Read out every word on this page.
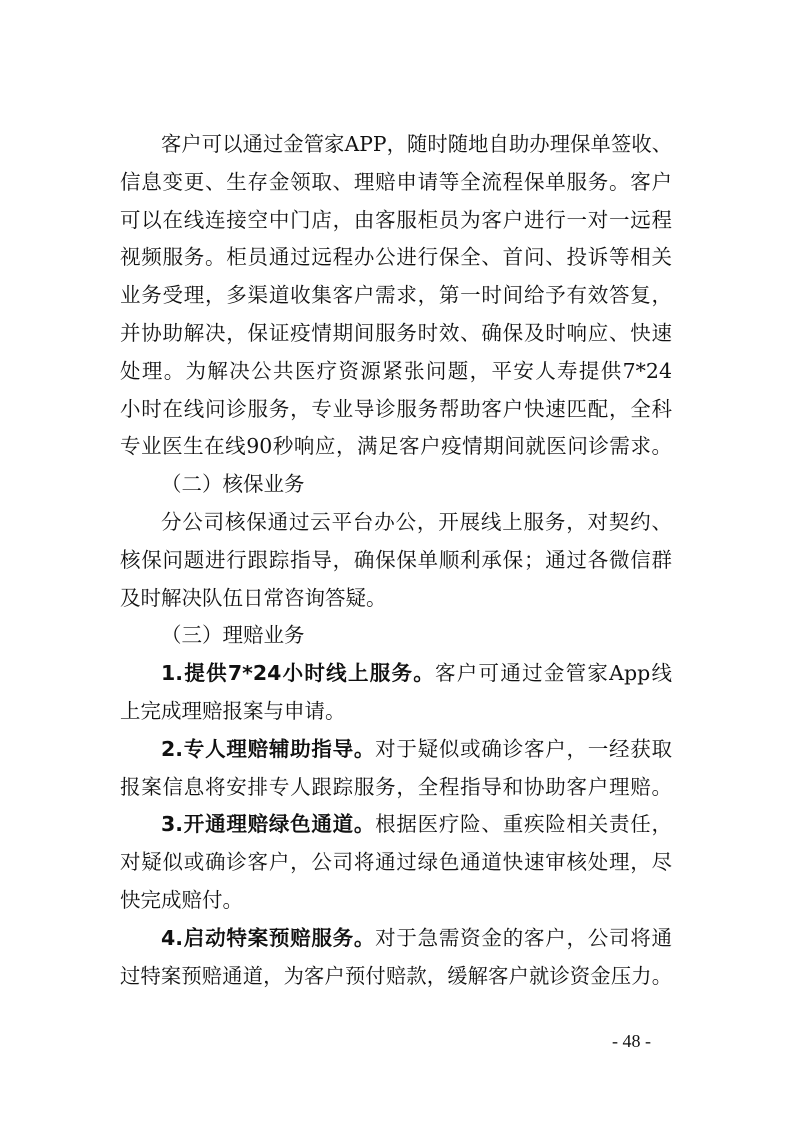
客户可以通过金管家APP，随时随地自助办理保单签收、
信息变更、生存金领取、理赔申请等全流程保单服务。客户
可以在线连接空中门店，由客服柜员为客户进行一对一远程
视频服务。柜员通过远程办公进行保全、首问、投诉等相关
业务受理，多渠道收集客户需求，第一时间给予有效答复，
并协助解决，保证疫情期间服务时效、确保及时响应、快速
处理。为解决公共医疗资源紧张问题，平安人寿提供7*24
小时在线问诊服务，专业导诊服务帮助客户快速匹配，全科
专业医生在线90秒响应，满足客户疫情期间就医问诊需求。
（二）核保业务
分公司核保通过云平台办公，开展线上服务，对契约、
核保问题进行跟踪指导，确保保单顺利承保；通过各微信群
及时解决队伍日常咨询答疑。
（三）理赔业务
1.提供7*24小时线上服务。客户可通过金管家App线
上完成理赔报案与申请。
2.专人理赔辅助指导。对于疑似或确诊客户，一经获取
报案信息将安排专人跟踪服务，全程指导和协助客户理赔。
3.开通理赔绿色通道。根据医疗险、重疾险相关责任，
对疑似或确诊客户，公司将通过绿色通道快速审核处理，尽
快完成赔付。
4.启动特案预赔服务。对于急需资金的客户，公司将通
过特案预赔通道，为客户预付赔款，缓解客户就诊资金压力。
- 48 -
